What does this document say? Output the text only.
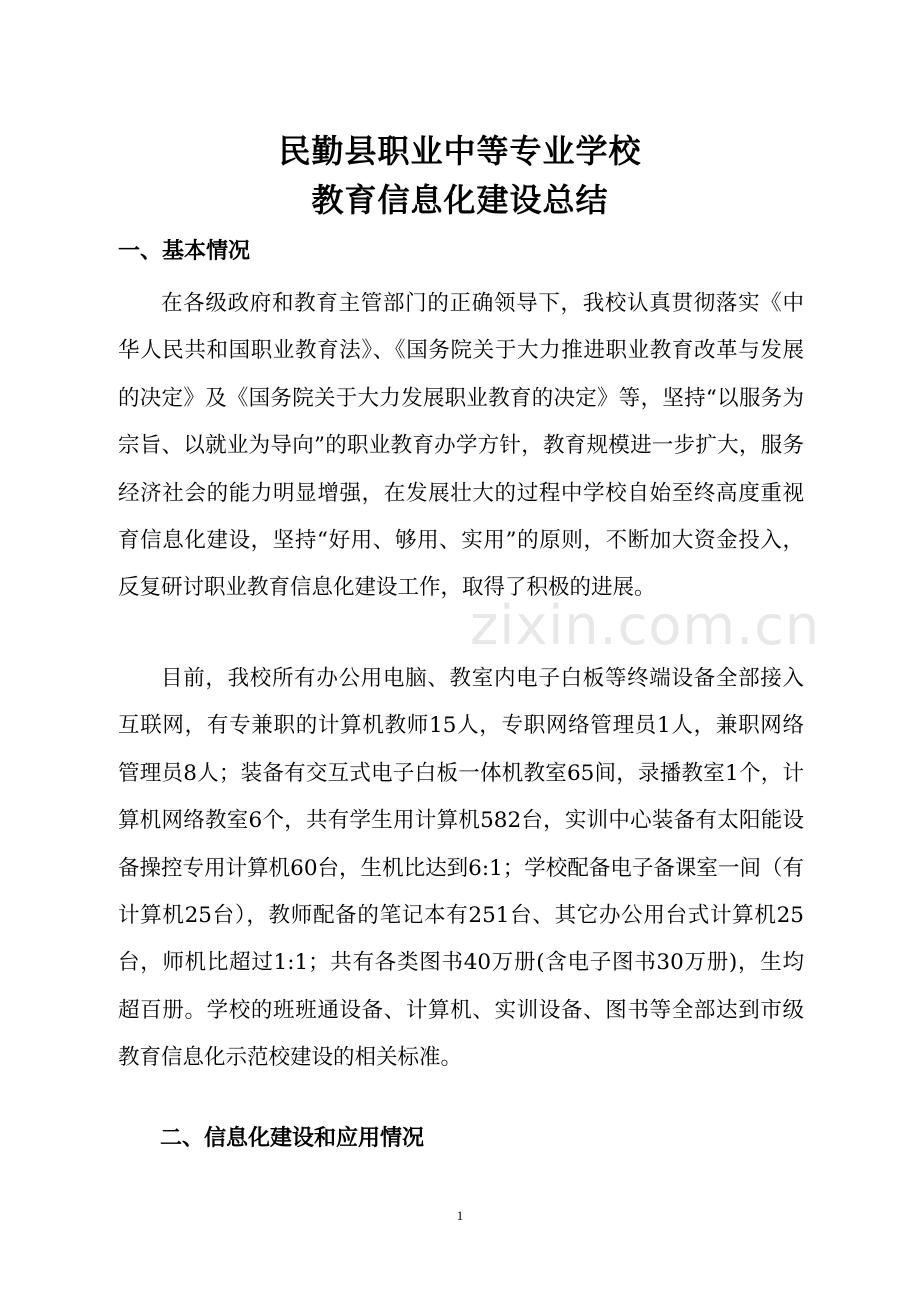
民勤县职业中等专业学校
教育信息化建设总结
一、基本情况

在各级政府和教育主管部门的正确领导下，我校认真贯彻落实《中华人民共和国职业教育法》、《国务院关于大力推进职业教育改革与发展的决定》及《国务院关于大力发展职业教育的决定》等，坚持“以服务为宗旨、以就业为导向”的职业教育办学方针，教育规模进一步扩大，服务经济社会的能力明显增强，在发展壮大的过程中学校自始至终高度重视育信息化建设，坚持“好用、够用、实用”的原则，不断加大资金投入，反复研讨职业教育信息化建设工作，取得了积极的进展。

目前，我校所有办公用电脑、教室内电子白板等终端设备全部接入互联网，有专兼职的计算机教师15人，专职网络管理员1人，兼职网络管理员8人；装备有交互式电子白板一体机教室65间，录播教室1个，计算机网络教室6个，共有学生用计算机582台，实训中心装备有太阳能设备操控专用计算机60台，生机比达到6:1；学校配备电子备课室一间（有计算机25台），教师配备的笔记本有251台、其它办公用台式计算机25台，师机比超过1:1；共有各类图书40万册(含电子图书30万册)，生均超百册。学校的班班通设备、计算机、实训设备、图书等全部达到市级教育信息化示范校建设的相关标准。

二、信息化建设和应用情况
1
zixin.com.cn
